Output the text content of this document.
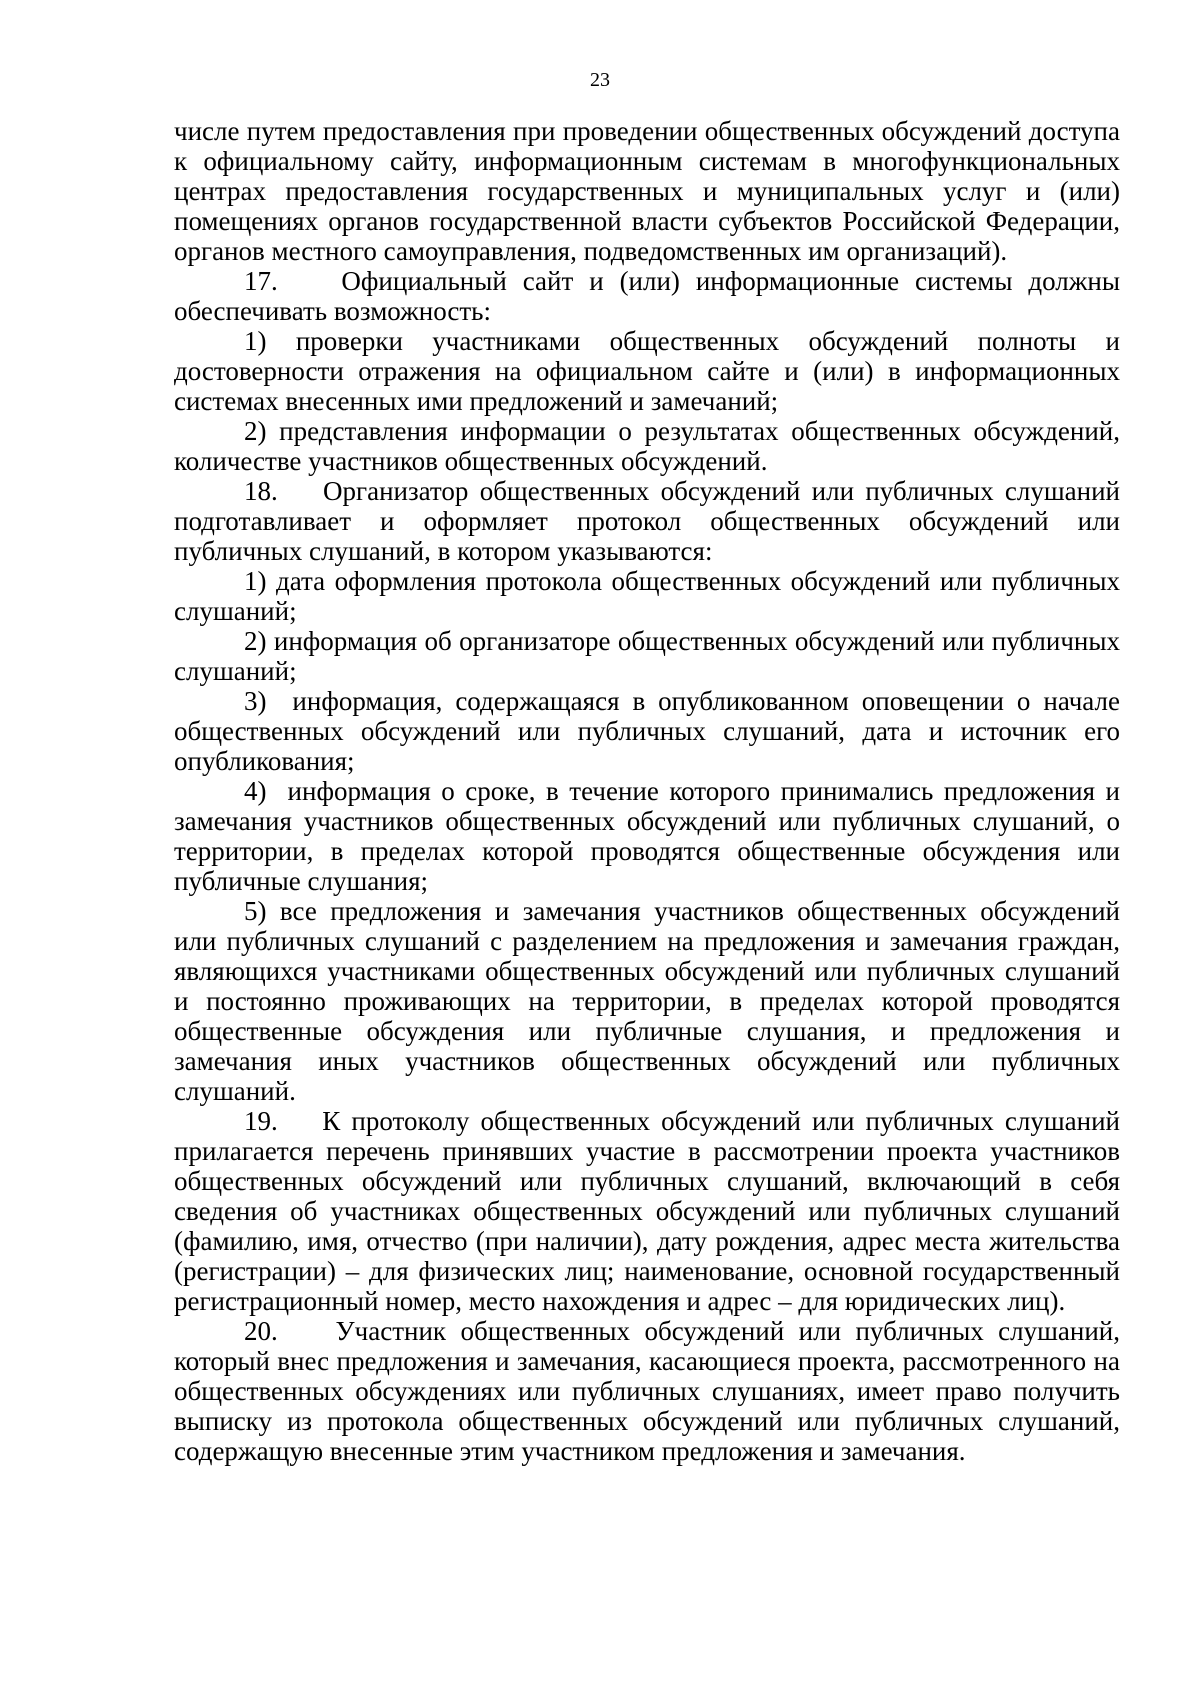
23

числе путем предоставления при проведении общественных обсуждений доступа к официальному сайту, информационным системам в многофункциональных центрах предоставления государственных и муниципальных услуг и (или) помещениях органов государственной власти субъектов Российской Федерации, органов местного самоуправления, подведомственных им организаций).

17.    Официальный сайт и (или) информационные системы должны обеспечивать возможность:

1) проверки участниками общественных обсуждений полноты и достоверности отражения на официальном сайте и (или) в информационных системах внесенных ими предложений и замечаний;

2) представления информации о результатах общественных обсуждений, количестве участников общественных обсуждений.

18.    Организатор общественных обсуждений или публичных слушаний подготавливает и оформляет протокол общественных обсуждений или публичных слушаний, в котором указываются:

1) дата оформления протокола общественных обсуждений или публичных слушаний;

2) информация об организаторе общественных обсуждений или публичных слушаний;

3)  информация, содержащаяся в опубликованном оповещении о начале общественных обсуждений или публичных слушаний, дата и источник его опубликования;

4)  информация о сроке, в течение которого принимались предложения и замечания участников общественных обсуждений или публичных слушаний, о территории, в пределах которой проводятся общественные обсуждения или публичные слушания;

5) все предложения и замечания участников общественных обсуждений или публичных слушаний с разделением на предложения и замечания граждан, являющихся участниками общественных обсуждений или публичных слушаний и постоянно проживающих на территории, в пределах которой проводятся общественные обсуждения или публичные слушания, и предложения и замечания иных участников общественных обсуждений или публичных слушаний.

19.    К протоколу общественных обсуждений или публичных слушаний прилагается перечень принявших участие в рассмотрении проекта участников общественных обсуждений или публичных слушаний, включающий в себя сведения об участниках общественных обсуждений или публичных слушаний (фамилию, имя, отчество (при наличии), дату рождения, адрес места жительства (регистрации) – для физических лиц; наименование, основной государственный регистрационный номер, место нахождения и адрес – для юридических лиц).

20.    Участник общественных обсуждений или публичных слушаний, который внес предложения и замечания, касающиеся проекта, рассмотренного на общественных обсуждениях или публичных слушаниях, имеет право получить выписку из протокола общественных обсуждений или публичных слушаний, содержащую внесенные этим участником предложения и замечания.
